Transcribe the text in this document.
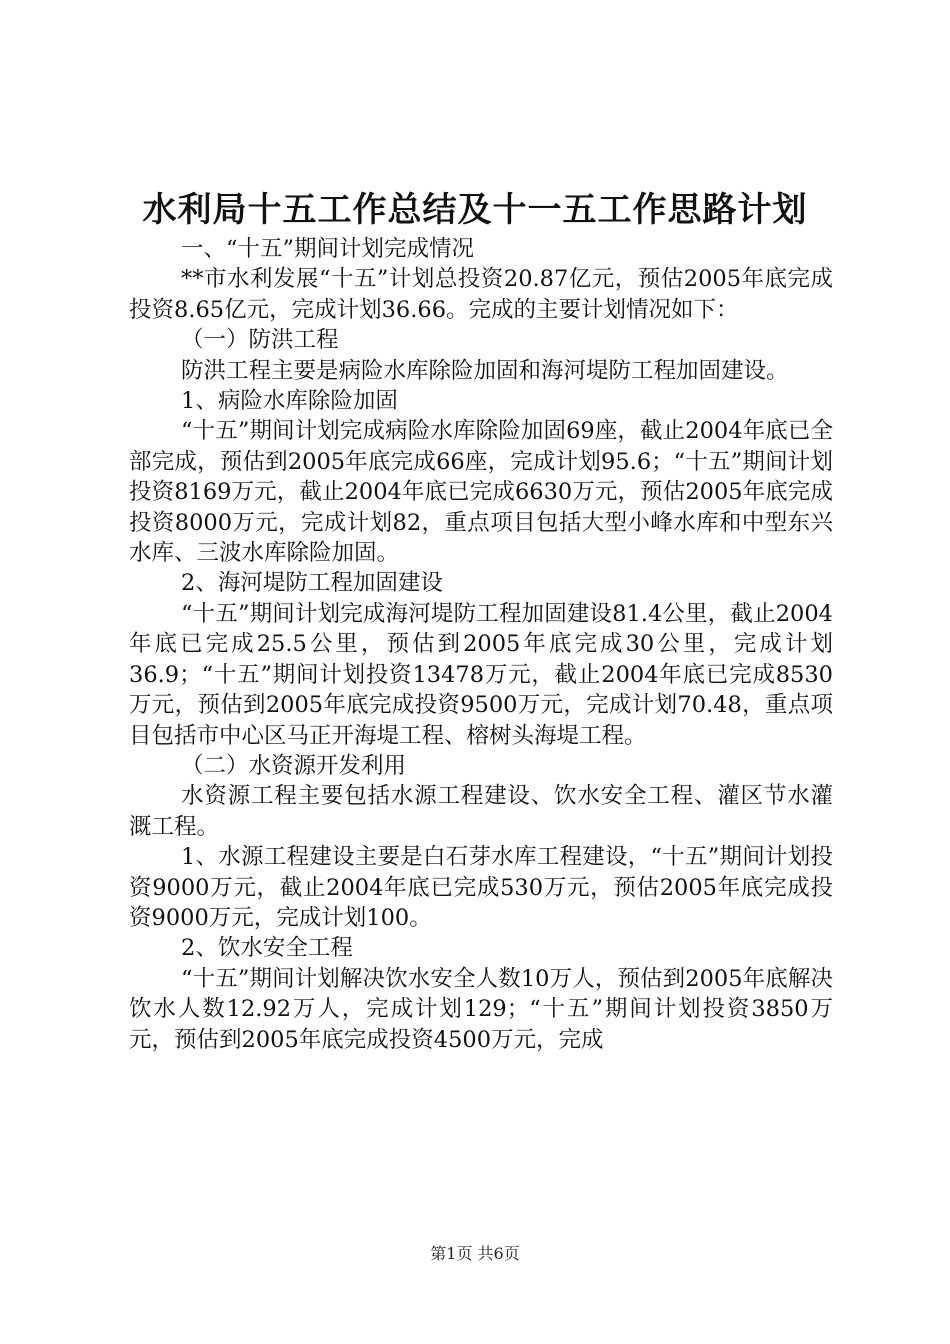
水利局十五工作总结及十一五工作思路计划

一、“十五”期间计划完成情况

**市水利发展“十五”计划总投资20.87亿元，预估2005年底完成投资8.65亿元，完成计划36.66。完成的主要计划情况如下：

（一）防洪工程

防洪工程主要是病险水库除险加固和海河堤防工程加固建设。

1、病险水库除险加固

“十五”期间计划完成病险水库除险加固69座，截止2004年底已全部完成，预估到2005年底完成66座，完成计划95.6；“十五”期间计划投资8169万元，截止2004年底已完成6630万元，预估2005年底完成投资8000万元，完成计划82，重点项目包括大型小峰水库和中型东兴水库、三波水库除险加固。

2、海河堤防工程加固建设

“十五”期间计划完成海河堤防工程加固建设81.4公里，截止2004年底已完成25.5公里，预估到2005年底完成30公里，完成计划36.9；“十五”期间计划投资13478万元，截止2004年底已完成8530万元，预估到2005年底完成投资9500万元，完成计划70.48，重点项目包括市中心区马正开海堤工程、榕树头海堤工程。

（二）水资源开发利用

水资源工程主要包括水源工程建设、饮水安全工程、灌区节水灌溉工程。

1、水源工程建设主要是白石芽水库工程建设，“十五”期间计划投资9000万元，截止2004年底已完成530万元，预估2005年底完成投资9000万元，完成计划100。

2、饮水安全工程

“十五”期间计划解决饮水安全人数10万人，预估到2005年底解决饮水人数12.92万人，完成计划129；“十五”期间计划投资3850万元，预估到2005年底完成投资4500万元，完成

第1页 共6页
